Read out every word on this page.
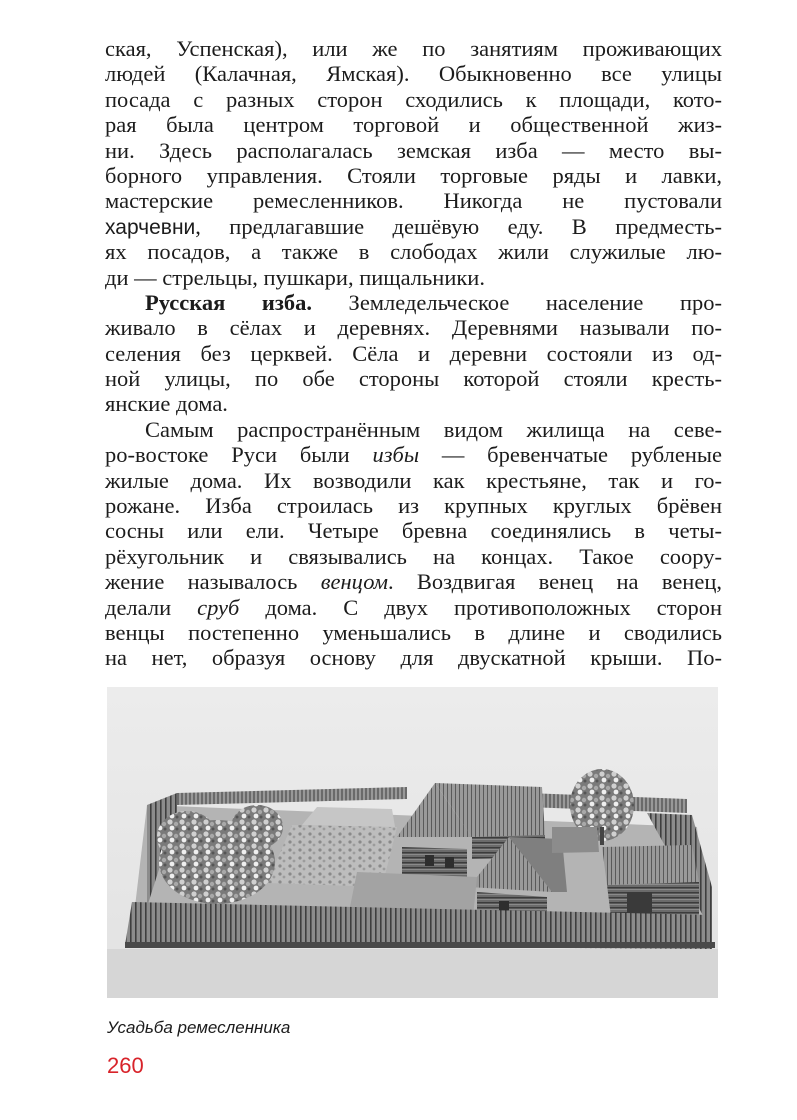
ская, Успенская), или же по занятиям проживающих
людей (Калачная, Ямская). Обыкновенно все улицы
посада с разных сторон сходились к площади, кото-
рая была центром торговой и общественной жиз-
ни. Здесь располагалась земская изба — место вы-
борного управления. Стояли торговые ряды и лавки,
мастерские ремесленников. Никогда не пустовали
харчевни, предлагавшие дешёвую еду. В предместь-
ях посадов, а также в слободах жили служилые лю-
ди — стрельцы, пушкари, пищальники.
Русская изба. Земледельческое население про-
живало в сёлах и деревнях. Деревнями называли по-
селения без церквей. Сёла и деревни состояли из од-
ной улицы, по обе стороны которой стояли кресть-
янские дома.
Самым распространённым видом жилища на севе-
ро-востоке Руси были избы — бревенчатые рубленые
жилые дома. Их возводили как крестьяне, так и го-
рожане. Изба строилась из крупных круглых брёвен
сосны или ели. Четыре бревна соединялись в четы-
рёхугольник и связывались на концах. Такое соору-
жение называлось венцом. Воздвигая венец на венец,
делали сруб дома. С двух противоположных сторон
венцы постепенно уменьшались в длине и сводились
на нет, образуя основу для двускатной крыши. По-
Усадьба ремесленника
260
